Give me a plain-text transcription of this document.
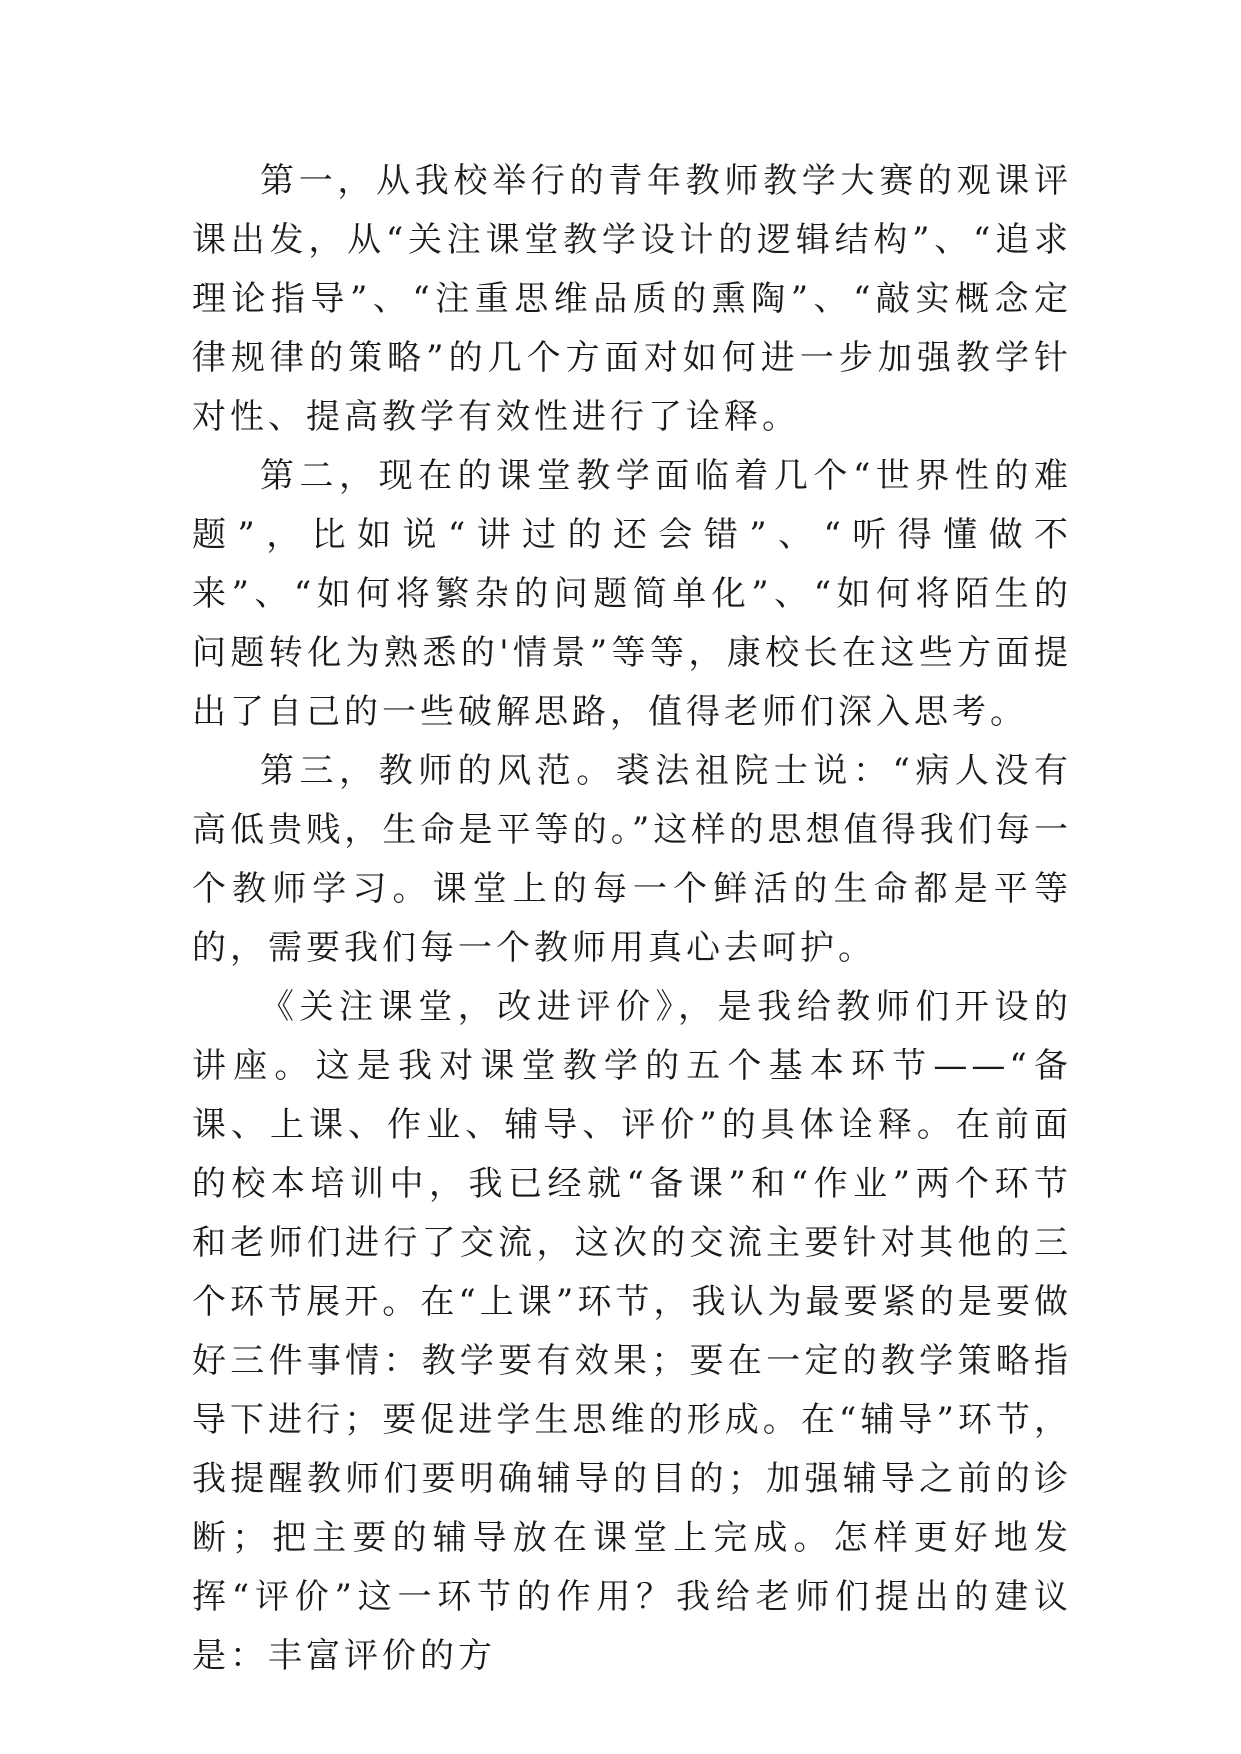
第一，从我校举行的青年教师教学大赛的观课评课出发，从“关注课堂教学设计的逻辑结构”、“追求理论指导”、“注重思维品质的熏陶”、“敲实概念定律规律的策略”的几个方面对如何进一步加强教学针对性、提高教学有效性进行了诠释。

第二，现在的课堂教学面临着几个“世界性的难题”，比如说“讲过的还会错”、“听得懂做不来”、“如何将繁杂的问题简单化”、“如何将陌生的问题转化为熟悉的'情景”等等，康校长在这些方面提出了自己的一些破解思路，值得老师们深入思考。

第三，教师的风范。裘法祖院士说：“病人没有高低贵贱，生命是平等的。”这样的思想值得我们每一个教师学习。课堂上的每一个鲜活的生命都是平等的，需要我们每一个教师用真心去呵护。

《关注课堂，改进评价》，是我给教师们开设的讲座。这是我对课堂教学的五个基本环节——“备课、上课、作业、辅导、评价”的具体诠释。在前面的校本培训中，我已经就“备课”和“作业”两个环节和老师们进行了交流，这次的交流主要针对其他的三个环节展开。在“上课”环节，我认为最要紧的是要做好三件事情：教学要有效果；要在一定的教学策略指导下进行；要促进学生思维的形成。在“辅导”环节，我提醒教师们要明确辅导的目的；加强辅导之前的诊断；把主要的辅导放在课堂上完成。怎样更好地发挥“评价”这一环节的作用？我给老师们提出的建议是：丰富评价的方
